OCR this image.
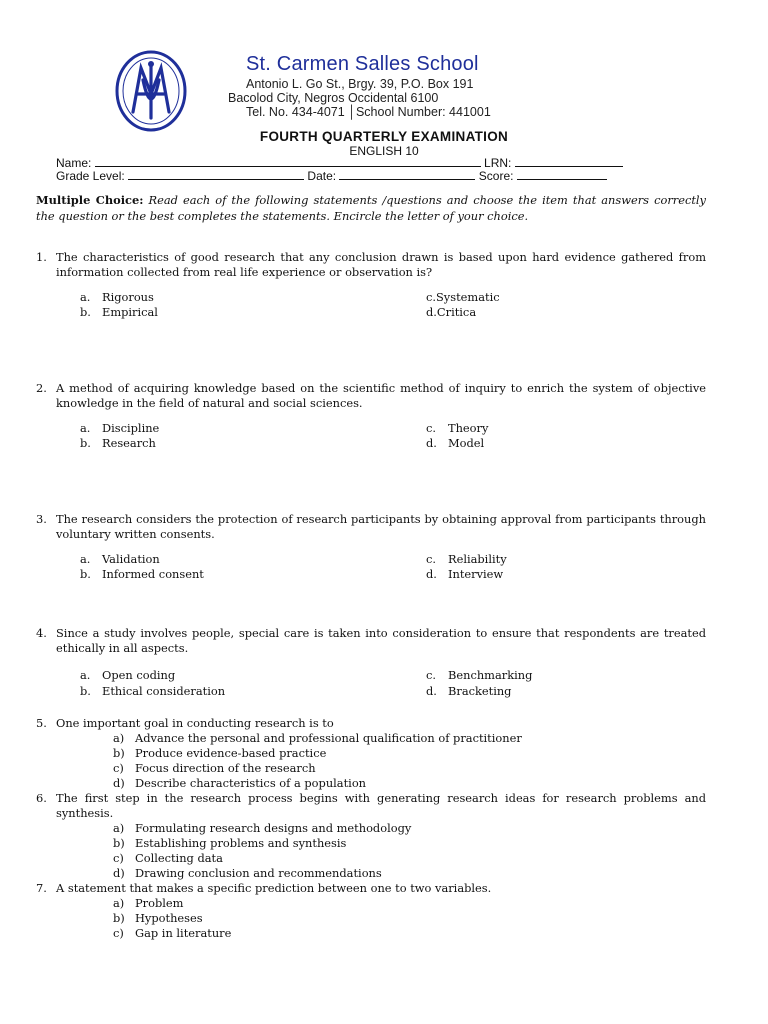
St. Carmen Salles School
Antonio L. Go St., Brgy. 39, P.O. Box 191
Bacolod City, Negros Occidental 6100
Tel. No. 434-4071 │School Number: 441001
FOURTH QUARTERLY EXAMINATION
ENGLISH 10
Name:	LRN:
Grade Level:	Date:	Score:
Multiple Choice: Read each of the following statements /questions and choose the item that answers correctly the question or the best completes the statements. Encircle the letter of your choice.
1. The characteristics of good research that any conclusion drawn is based upon hard evidence gathered from information collected from real life experience or observation is?
a. Rigorous
b. Empirical
c.Systematic
d.Critica
2. A method of acquiring knowledge based on the scientific method of inquiry to enrich the system of objective knowledge in the field of natural and social sciences.
a. Discipline
b. Research
c. Theory
d. Model
3. The research considers the protection of research participants by obtaining approval from participants through voluntary written consents.
a. Validation
b. Informed consent
c. Reliability
d. Interview
4. Since a study involves people, special care is taken into consideration to ensure that respondents are treated ethically in all aspects.
a. Open coding
b. Ethical consideration
c. Benchmarking
d. Bracketing
5. One important goal in conducting research is to
a) Advance the personal and professional qualification of practitioner
b) Produce evidence-based practice
c) Focus direction of the research
d) Describe characteristics of a population
6. The first step in the research process begins with generating research ideas for research problems and synthesis.
a) Formulating research designs and methodology
b) Establishing problems and synthesis
c) Collecting data
d) Drawing conclusion and recommendations
7. A statement that makes a specific prediction between one to two variables.
a) Problem
b) Hypotheses
c) Gap in literature
